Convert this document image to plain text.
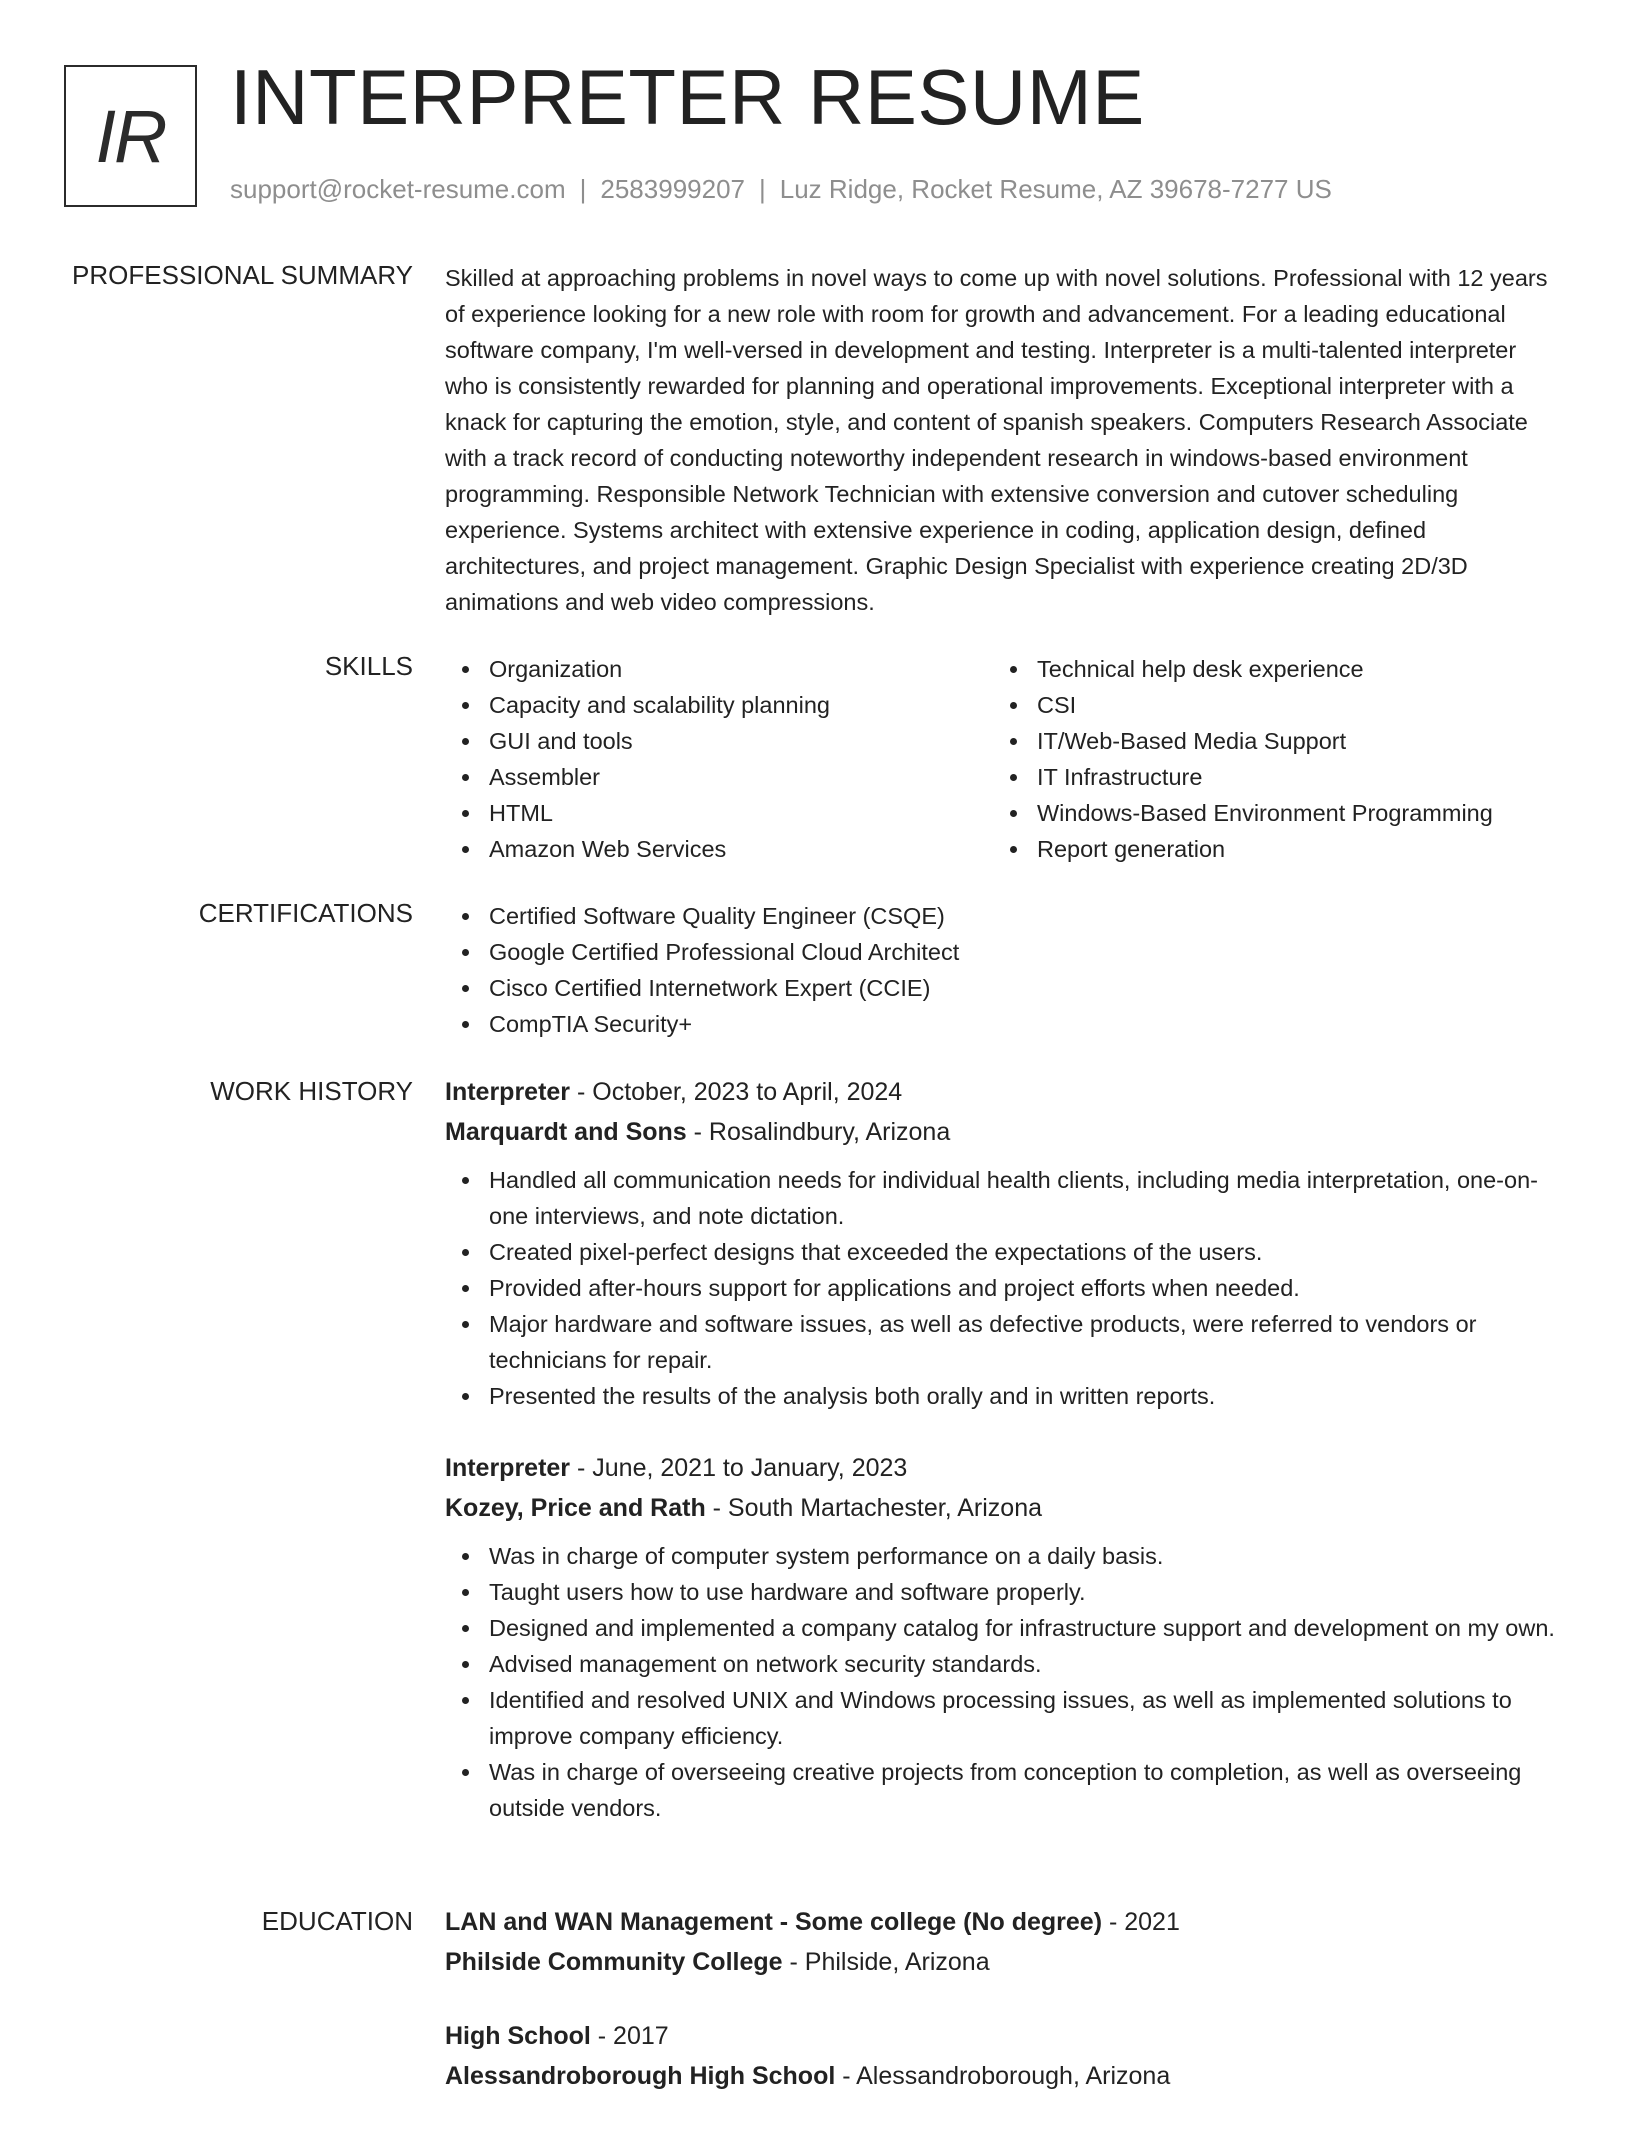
IR INTERPRETER RESUME
support@rocket-resume.com | 2583999207 | Luz Ridge, Rocket Resume, AZ 39678-7277 US
PROFESSIONAL SUMMARY Skilled at approaching problems in novel ways to come up with novel solutions. Professional with 12 years of experience looking for a new role with room for growth and advancement. For a leading educational software company, I'm well-versed in development and testing. Interpreter is a multi-talented interpreter who is consistently rewarded for planning and operational improvements. Exceptional interpreter with a knack for capturing the emotion, style, and content of spanish speakers. Computers Research Associate with a track record of conducting noteworthy independent research in windows-based environment programming. Responsible Network Technician with extensive conversion and cutover scheduling experience. Systems architect with extensive experience in coding, application design, defined architectures, and project management. Graphic Design Specialist with experience creating 2D/3D animations and web video compressions.

SKILLS	Organization
Capacity and scalability planning
GUI and tools
Assembler
HTML
Amazon Web Services
Technical help desk experience
CSI
IT/Web-Based Media Support
IT Infrastructure
Windows-Based Environment Programming
Report generation
CERTIFICATIONS	Certified Software Quality Engineer (CSQE)
Google Certified Professional Cloud Architect
Cisco Certified Internetwork Expert (CCIE)
CompTIA Security+
WORK HISTORY Interpreter - October, 2023 to April, 2024
Marquardt and Sons - Rosalindbury, Arizona
Handled all communication needs for individual health clients, including media interpretation, one-on-one interviews, and note dictation.
Created pixel-perfect designs that exceeded the expectations of the users.
Provided after-hours support for applications and project efforts when needed.
Major hardware and software issues, as well as defective products, were referred to vendors or technicians for repair.
Presented the results of the analysis both orally and in written reports.
Interpreter - June, 2021 to January, 2023
Kozey, Price and Rath - South Martachester, Arizona
Was in charge of computer system performance on a daily basis.
Taught users how to use hardware and software properly.
Designed and implemented a company catalog for infrastructure support and development on my own.
Advised management on network security standards.
Identified and resolved UNIX and Windows processing issues, as well as implemented solutions to improve company efficiency.
Was in charge of overseeing creative projects from conception to completion, as well as overseeing outside vendors.
EDUCATION LAN and WAN Management - Some college (No degree) - 2021
Philside Community College - Philside, Arizona
High School - 2017
Alessandroborough High School - Alessandroborough, Arizona
